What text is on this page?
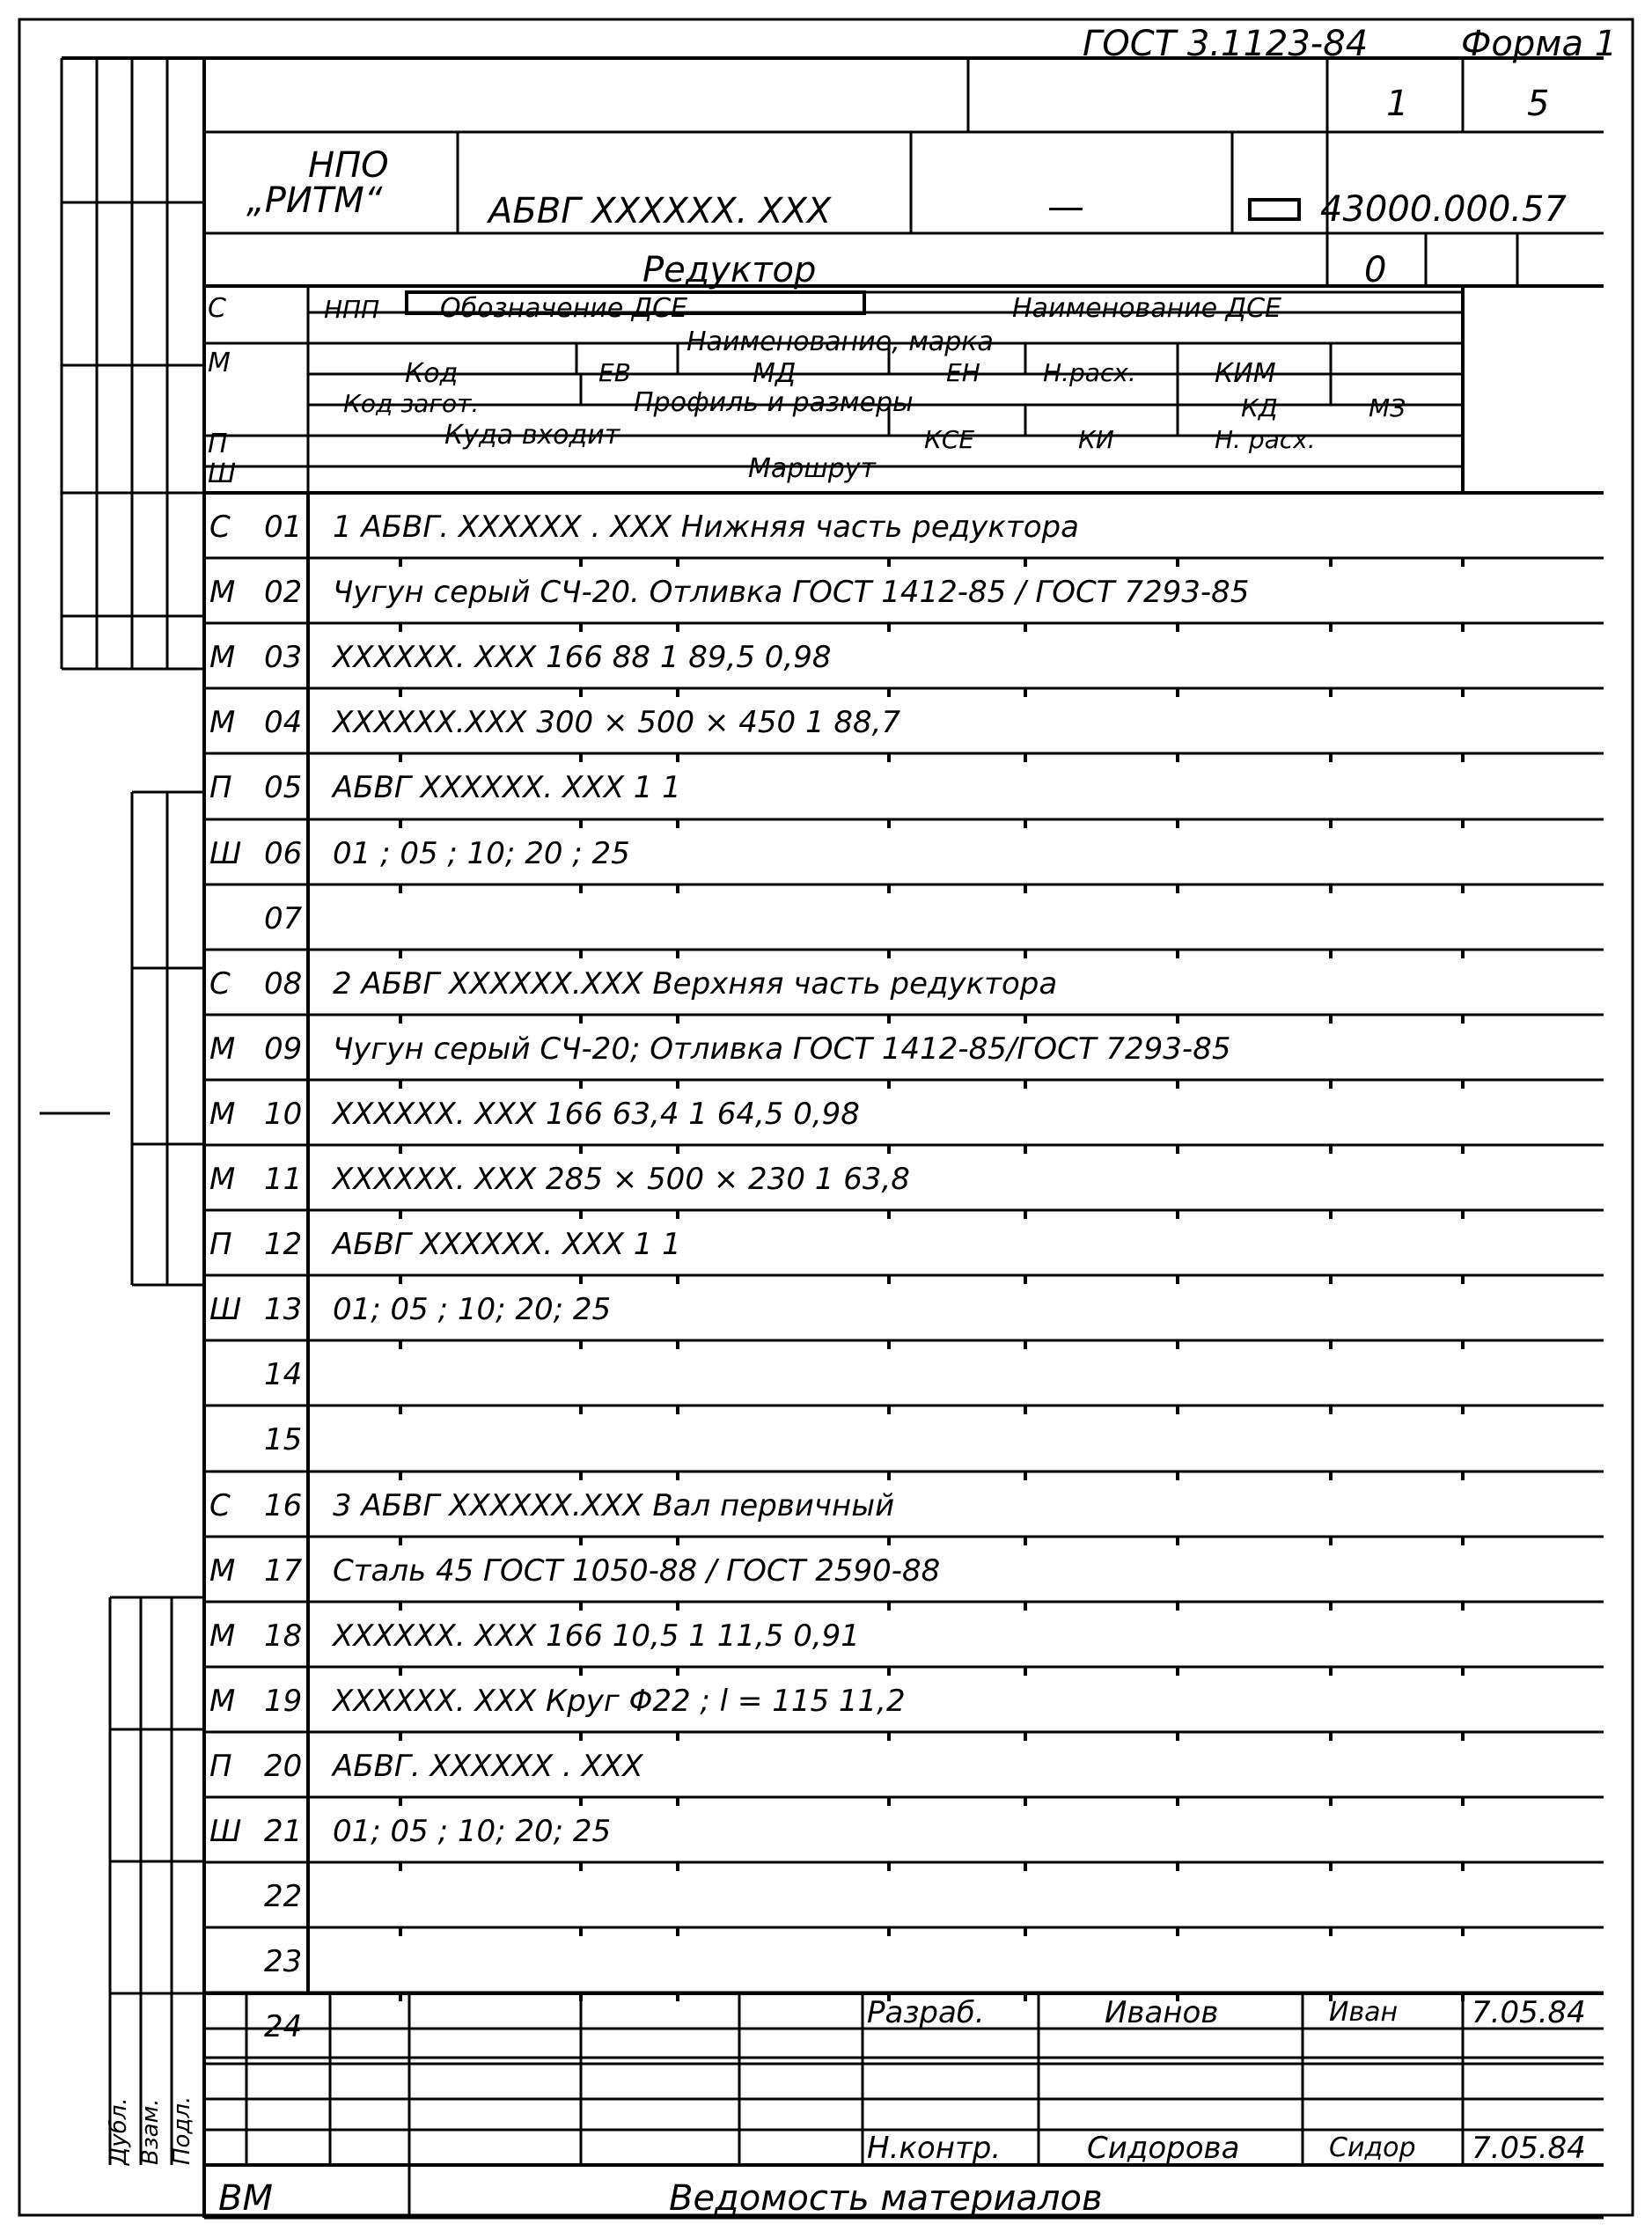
ГОСТ 3.1123-84	Форма 1
1	5
НПО
„РИТМ“	АБВГ XXXXXX. XXX	—	43000.000.57
Редуктор	0
С
М
П
Ш
НПП Обозначение ДСЕ	Наименование ДСЕ
Наименование, марка
Код	ЕВ	МД	ЕН	Н.расх.	КИМ
Код загот.	Профиль и размеры	КД	МЗ
Куда входит	КСЕ	КИ	Н. расх.
Маршрут
С 01 1 АБВГ. XXXXXX . XXX Нижняя часть редуктора
М 02 Чугун серый СЧ-20. Отливка ГОСТ 1412-85 / ГОСТ 7293-85
М 03 XXXXXX. XXX 166 88 1 89,5 0,98
М 04 XXXXXX.XXX 300 × 500 × 450 1 88,7
П 05 АБВГ XXXXXX. XXX 1 1
Ш 06 01 ; 05 ; 10; 20 ; 25
07
С 08 2 АБВГ XXXXXX.XXX Верхняя часть редуктора
М 09 Чугун серый СЧ-20; Отливка ГОСТ 1412-85/ГОСТ 7293-85
М 10 XXXXXX. XXX 166 63,4 1 64,5 0,98
М 11 XXXXXX. XXX 285 × 500 × 230 1 63,8
П 12 АБВГ XXXXXX. XXX 1 1
Ш 13 01; 05 ; 10; 20; 25
14
15
С 16 3 АБВГ XXXXXX.XXX Вал первичный
М 17 Сталь 45 ГОСТ 1050-88 / ГОСТ 2590-88
М 18 XXXXXX. XXX 166 10,5 1 11,5 0,91
М 19 XXXXXX. XXX Круг Φ22 ; l = 115 11,2
П 20 АБВГ. XXXXXX . XXX
Ш 21 01; 05 ; 10; 20; 25
22
23
24	Разраб.	Иванов	Иван 7.05.84
Н.контр.	Сидорова	Сидор 7.05.84
Дубл. Взам. Подл.
ВМ	Ведомость материалов
